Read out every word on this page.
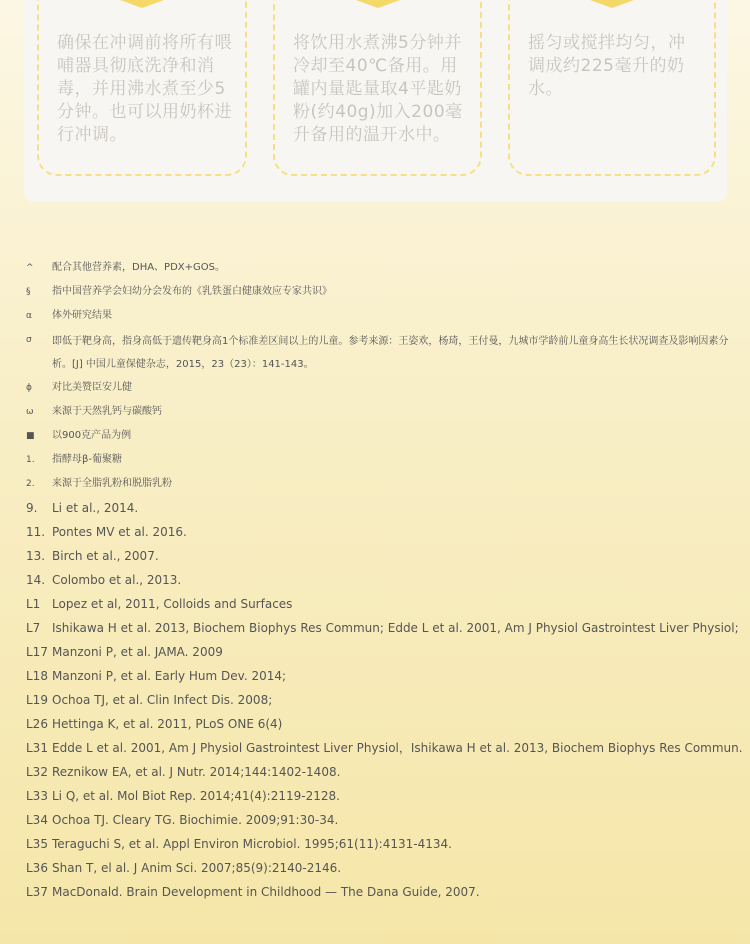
确保在冲调前将所有喂哺器具彻底洗净和消毒，并用沸水煮至少5分钟。也可以用奶杯进行冲调。
将饮用水煮沸5分钟并冷却至40℃备用。用罐内量匙量取4平匙奶粉(约40g)加入200毫升备用的温开水中。
摇匀或搅拌均匀，冲调成约225毫升的奶水。
^	配合其他营养素，DHA、PDX+GOS。
§	指中国营养学会妇幼分会发布的《乳铁蛋白健康效应专家共识》
α	体外研究结果
σ	即低于靶身高，指身高低于遗传靶身高1个标准差区间以上的儿童。参考来源：王姿欢，杨琦，王付曼，九城市学龄前儿童身高生长状况调查及影响因素分析。[J] 中国儿童保健杂志，2015，23（23）：141-143。
ϕ	对比美赞臣安儿健
ω	来源于天然乳钙与碳酸钙
■	以900克产品为例
1.	指酵母β-葡聚糖
2.	来源于全脂乳粉和脱脂乳粉
9.	Li et al., 2014.
11. Pontes MV et al. 2016.
13. Birch et al., 2007.
14. Colombo et al., 2013.
L1 Lopez et al, 2011, Colloids and Surfaces
L7 Ishikawa H et al. 2013, Biochem Biophys Res Commun; Edde L et al. 2001, Am J Physiol Gastrointest Liver Physiol;
L17 Manzoni P, et al. JAMA. 2009
L18 Manzoni P, et al. Early Hum Dev. 2014;
L19 Ochoa TJ, et al. Clin Infect Dis. 2008;
L26 Hettinga K, et al. 2011, PLoS ONE 6(4)
L31 Edde L et al. 2001, Am J Physiol Gastrointest Liver Physiol，Ishikawa H et al. 2013, Biochem Biophys Res Commun.
L32 Reznikow EA, et al. J Nutr. 2014;144:1402-1408.
L33 Li Q, et al. Mol Biot Rep. 2014;41(4):2119-2128.
L34 Ochoa TJ. Cleary TG. Biochimie. 2009;91:30-34.
L35 Teraguchi S, et al. Appl Environ Microbiol. 1995;61(11):4131-4134.
L36 Shan T, el al. J Anim Sci. 2007;85(9):2140-2146.
L37 MacDonald. Brain Development in Childhood — The Dana Guide, 2007.
